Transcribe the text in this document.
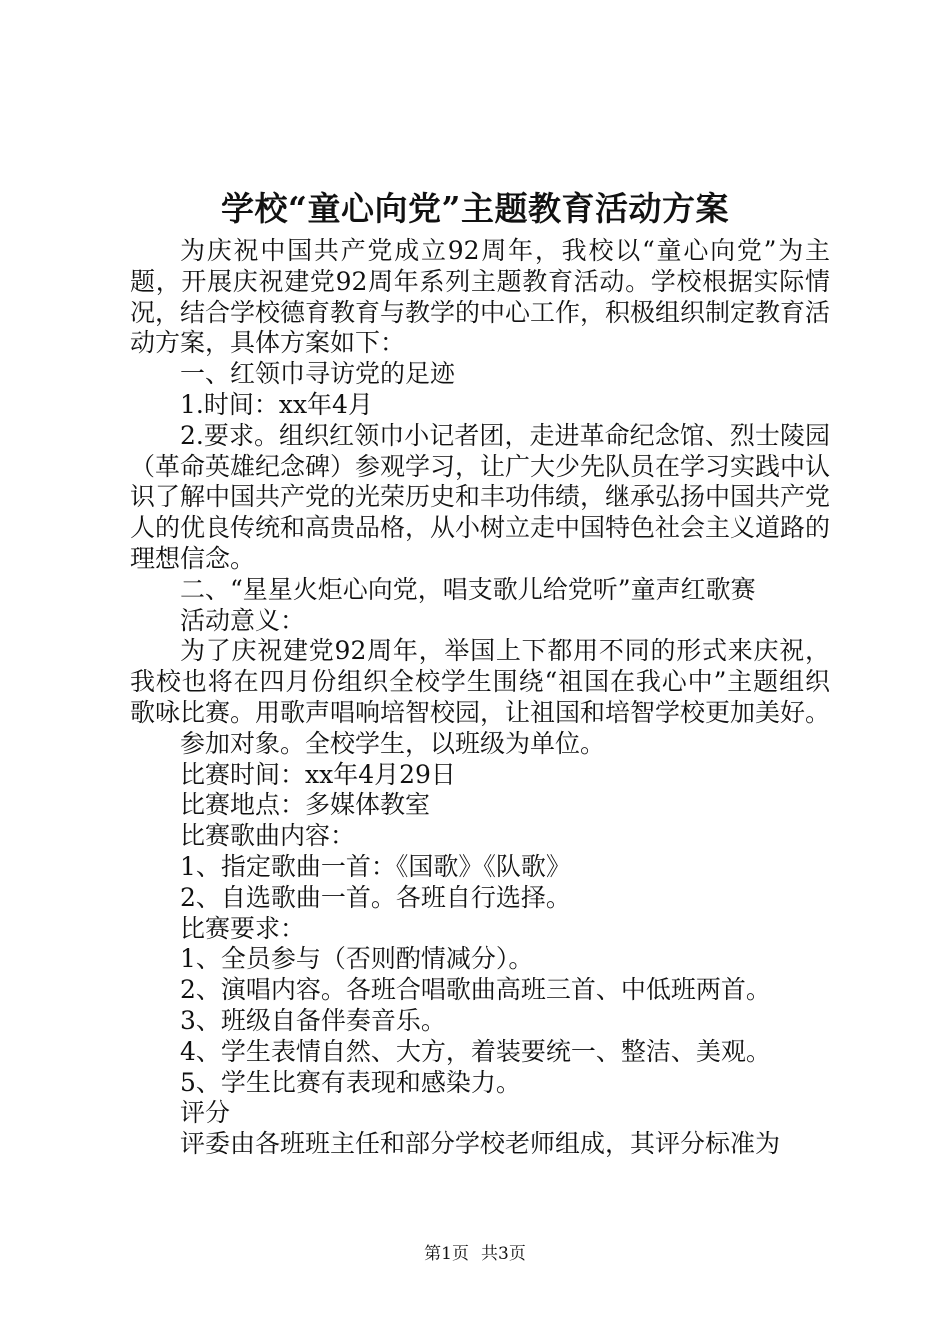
学校“童心向党”主题教育活动方案

为庆祝中国共产党成立92周年，我校以“童心向党”为主题，开展庆祝建党92周年系列主题教育活动。学校根据实际情况，结合学校德育教育与教学的中心工作，积极组织制定教育活动方案，具体方案如下：

一、红领巾寻访党的足迹

1.时间：xx年4月

2.要求。组织红领巾小记者团，走进革命纪念馆、烈士陵园（革命英雄纪念碑）参观学习，让广大少先队员在学习实践中认识了解中国共产党的光荣历史和丰功伟绩，继承弘扬中国共产党人的优良传统和高贵品格，从小树立走中国特色社会主义道路的理想信念。

二、“星星火炬心向党，唱支歌儿给党听”童声红歌赛

活动意义：

为了庆祝建党92周年，举国上下都用不同的形式来庆祝，我校也将在四月份组织全校学生围绕“祖国在我心中”主题组织歌咏比赛。用歌声唱响培智校园，让祖国和培智学校更加美好。

参加对象。全校学生，以班级为单位。

比赛时间：xx年4月29日

比赛地点：多媒体教室

比赛歌曲内容：

1、指定歌曲一首：《国歌》《队歌》

2、自选歌曲一首。各班自行选择。

比赛要求：

1、全员参与（否则酌情减分）。

2、演唱内容。各班合唱歌曲高班三首、中低班两首。

3、班级自备伴奏音乐。

4、学生表情自然、大方，着装要统一、整洁、美观。

5、学生比赛有表现和感染力。

评分

评委由各班班主任和部分学校老师组成，其评分标准为

第1页 共3页
